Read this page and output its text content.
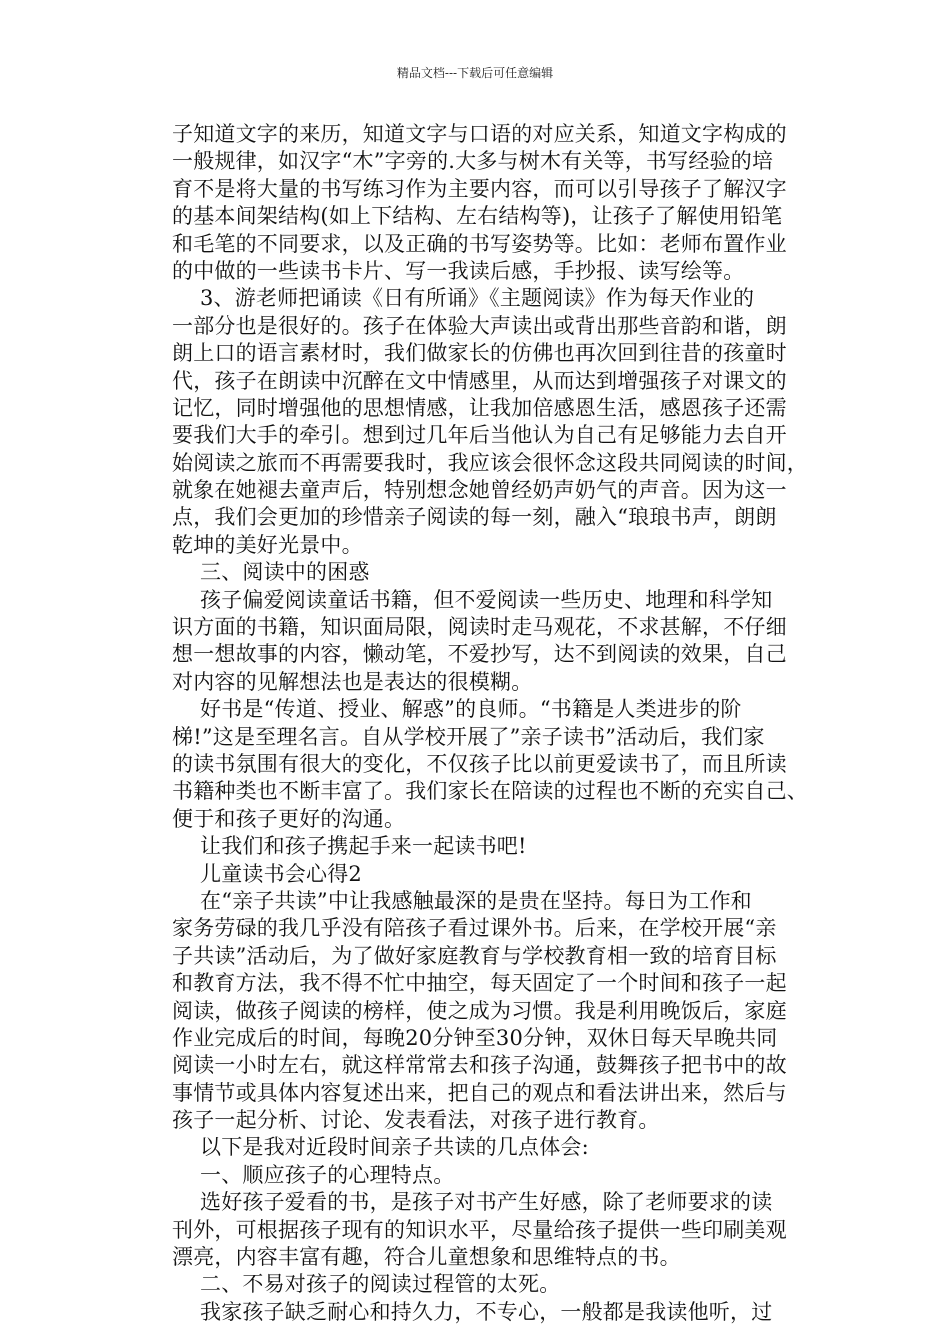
精品文档---下载后可任意编辑
子知道文字的来历，知道文字与口语的对应关系，知道文字构成的
一般规律，如汉字“木”字旁的.大多与树木有关等，书写经验的培
育不是将大量的书写练习作为主要内容，而可以引导孩子了解汉字
的基本间架结构(如上下结构、左右结构等)，让孩子了解使用铅笔
和毛笔的不同要求，以及正确的书写姿势等。比如：老师布置作业
的中做的一些读书卡片、写一我读后感，手抄报、读写绘等。
3、游老师把诵读《日有所诵》《主题阅读》作为每天作业的
一部分也是很好的。孩子在体验大声读出或背出那些音韵和谐，朗
朗上口的语言素材时，我们做家长的仿佛也再次回到往昔的孩童时
代，孩子在朗读中沉醉在文中情感里，从而达到增强孩子对课文的
记忆，同时增强他的思想情感，让我加倍感恩生活，感恩孩子还需
要我们大手的牵引。想到过几年后当他认为自己有足够能力去自开
始阅读之旅而不再需要我时，我应该会很怀念这段共同阅读的时间，
就象在她褪去童声后，特别想念她曾经奶声奶气的声音。因为这一
点，我们会更加的珍惜亲子阅读的每一刻，融入“琅琅书声，朗朗
乾坤的美好光景中。
三、阅读中的困惑
孩子偏爱阅读童话书籍，但不爱阅读一些历史、地理和科学知
识方面的书籍，知识面局限，阅读时走马观花，不求甚解，不仔细
想一想故事的内容，懒动笔，不爱抄写，达不到阅读的效果，自己
对内容的见解想法也是表达的很模糊。
好书是“传道、授业、解惑”的良师。“书籍是人类进步的阶
梯!”这是至理名言。自从学校开展了”亲子读书”活动后，我们家
的读书氛围有很大的变化，不仅孩子比以前更爱读书了，而且所读
书籍种类也不断丰富了。我们家长在陪读的过程也不断的充实自己、
便于和孩子更好的沟通。
让我们和孩子携起手来一起读书吧!
儿童读书会心得2
在“亲子共读”中让我感触最深的是贵在坚持。每日为工作和
家务劳碌的我几乎没有陪孩子看过课外书。后来，在学校开展“亲
子共读”活动后，为了做好家庭教育与学校教育相一致的培育目标
和教育方法，我不得不忙中抽空，每天固定了一个时间和孩子一起
阅读，做孩子阅读的榜样，使之成为习惯。我是利用晚饭后，家庭
作业完成后的时间，每晚20分钟至30分钟，双休日每天早晚共同
阅读一小时左右，就这样常常去和孩子沟通，鼓舞孩子把书中的故
事情节或具体内容复述出来，把自己的观点和看法讲出来，然后与
孩子一起分析、讨论、发表看法，对孩子进行教育。
以下是我对近段时间亲子共读的几点体会:
一、顺应孩子的心理特点。
选好孩子爱看的书，是孩子对书产生好感，除了老师要求的读
刊外，可根据孩子现有的知识水平，尽量给孩子提供一些印刷美观
漂亮，内容丰富有趣，符合儿童想象和思维特点的书。
二、不易对孩子的阅读过程管的太死。
我家孩子缺乏耐心和持久力，不专心，一般都是我读他听，过
